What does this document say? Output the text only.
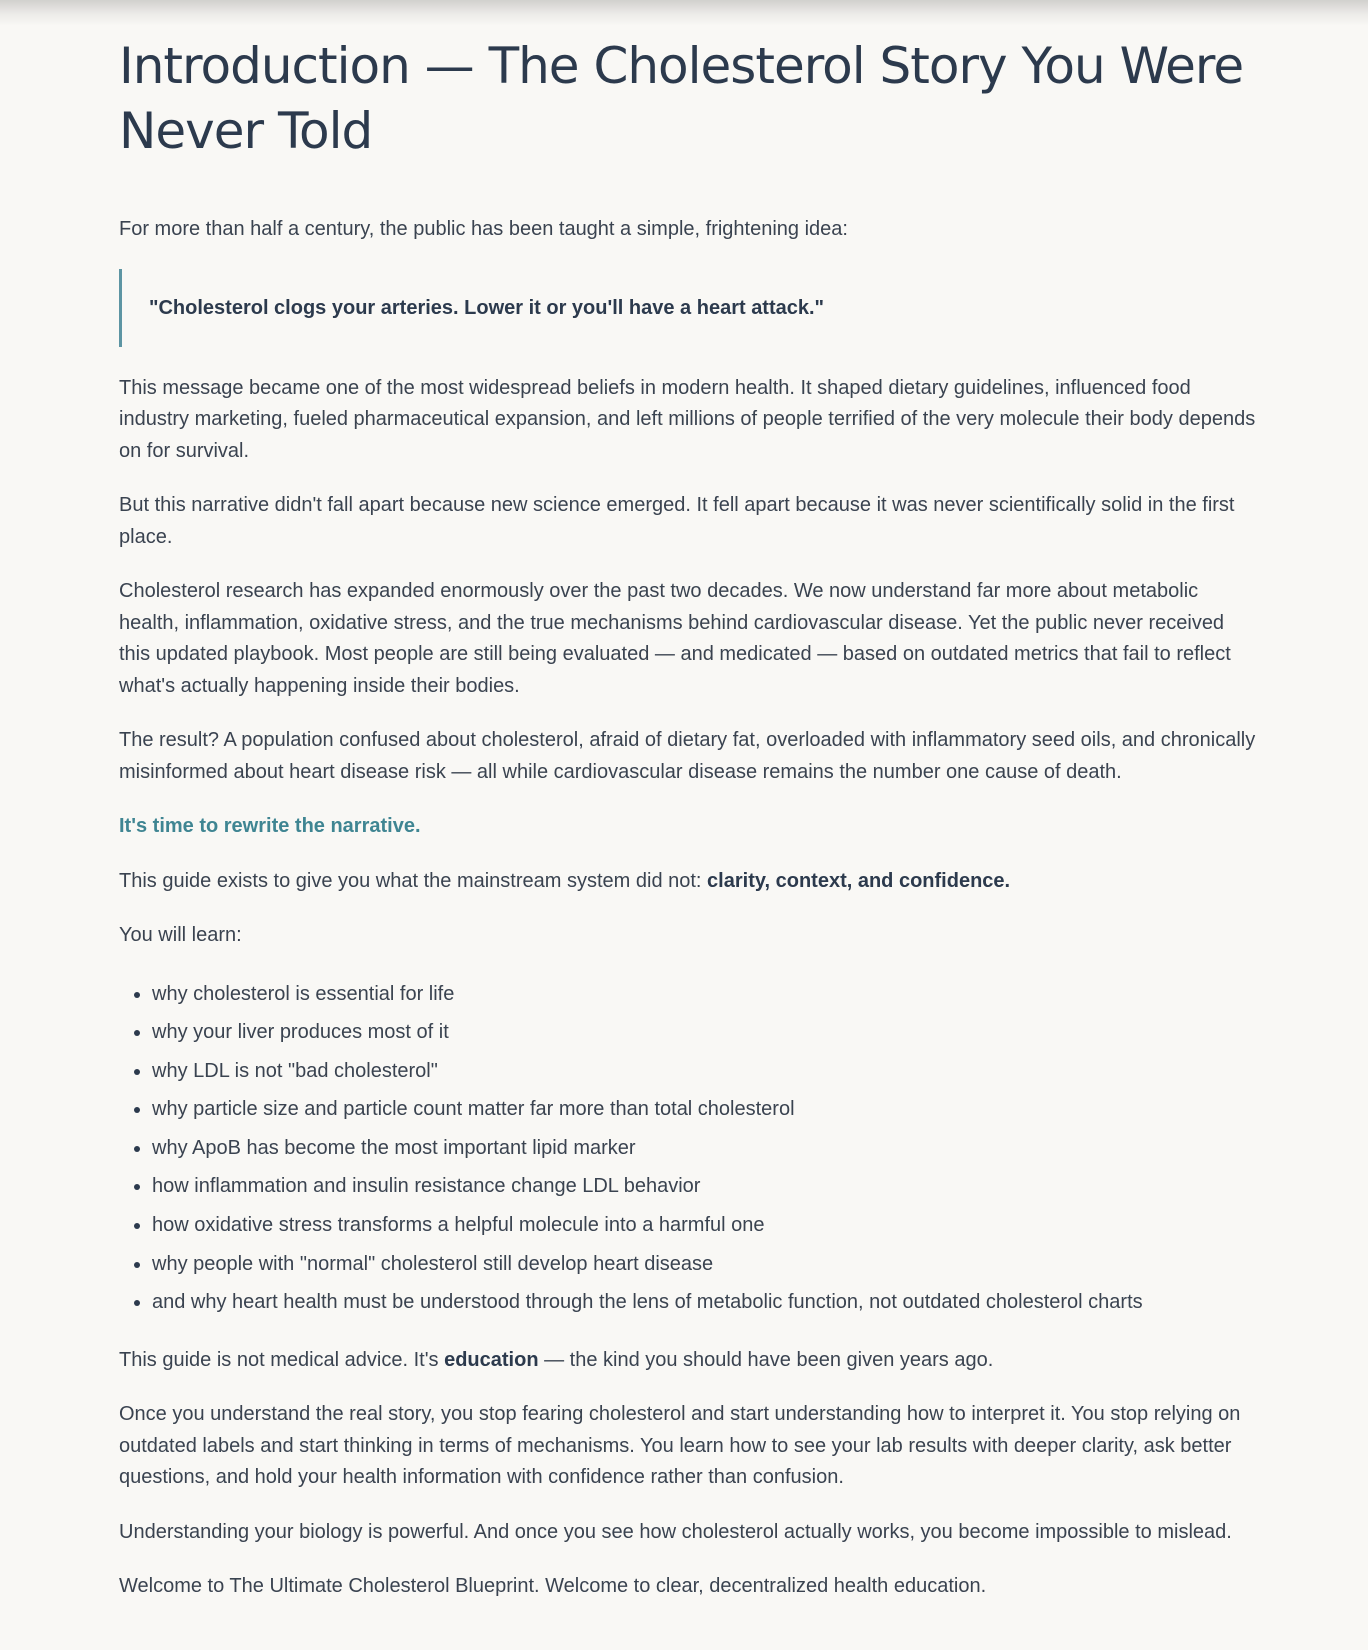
Introduction — The Cholesterol Story You Were Never Told

For more than half a century, the public has been taught a simple, frightening idea:

"Cholesterol clogs your arteries. Lower it or you'll have a heart attack."

This message became one of the most widespread beliefs in modern health. It shaped dietary guidelines, influenced food industry marketing, fueled pharmaceutical expansion, and left millions of people terrified of the very molecule their body depends on for survival.

But this narrative didn't fall apart because new science emerged. It fell apart because it was never scientifically solid in the first place.

Cholesterol research has expanded enormously over the past two decades. We now understand far more about metabolic health, inflammation, oxidative stress, and the true mechanisms behind cardiovascular disease. Yet the public never received this updated playbook. Most people are still being evaluated — and medicated — based on outdated metrics that fail to reflect what's actually happening inside their bodies.

The result? A population confused about cholesterol, afraid of dietary fat, overloaded with inflammatory seed oils, and chronically misinformed about heart disease risk — all while cardiovascular disease remains the number one cause of death.

It's time to rewrite the narrative.

This guide exists to give you what the mainstream system did not: clarity, context, and confidence.

You will learn:

• why cholesterol is essential for life
• why your liver produces most of it
• why LDL is not "bad cholesterol"
• why particle size and particle count matter far more than total cholesterol
• why ApoB has become the most important lipid marker
• how inflammation and insulin resistance change LDL behavior
• how oxidative stress transforms a helpful molecule into a harmful one
• why people with "normal" cholesterol still develop heart disease
• and why heart health must be understood through the lens of metabolic function, not outdated cholesterol charts

This guide is not medical advice. It's education — the kind you should have been given years ago.

Once you understand the real story, you stop fearing cholesterol and start understanding how to interpret it. You stop relying on outdated labels and start thinking in terms of mechanisms. You learn how to see your lab results with deeper clarity, ask better questions, and hold your health information with confidence rather than confusion.

Understanding your biology is powerful. And once you see how cholesterol actually works, you become impossible to mislead.

Welcome to The Ultimate Cholesterol Blueprint. Welcome to clear, decentralized health education.
